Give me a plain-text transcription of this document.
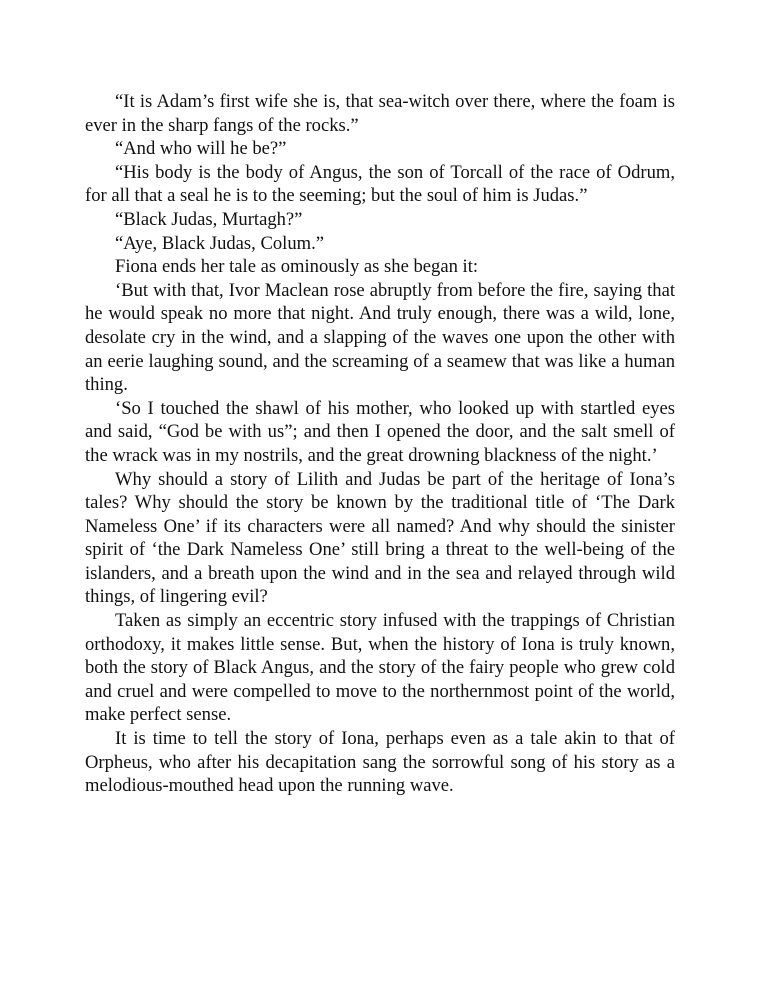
“It is Adam’s first wife she is, that sea-witch over there, where the foam is ever in the sharp fangs of the rocks.”

“And who will he be?”

“His body is the body of Angus, the son of Torcall of the race of Odrum, for all that a seal he is to the seeming; but the soul of him is Judas.”

“Black Judas, Murtagh?”

“Aye, Black Judas, Colum.”

Fiona ends her tale as ominously as she began it:

‘But with that, Ivor Maclean rose abruptly from before the fire, saying that he would speak no more that night. And truly enough, there was a wild, lone, desolate cry in the wind, and a slapping of the waves one upon the other with an eerie laughing sound, and the screaming of a seamew that was like a human thing.

‘So I touched the shawl of his mother, who looked up with startled eyes and said, “God be with us”; and then I opened the door, and the salt smell of the wrack was in my nostrils, and the great drowning blackness of the night.’

Why should a story of Lilith and Judas be part of the heritage of Iona’s tales? Why should the story be known by the traditional title of ‘The Dark Nameless One’ if its characters were all named? And why should the sinister spirit of ‘the Dark Nameless One’ still bring a threat to the well-being of the islanders, and a breath upon the wind and in the sea and relayed through wild things, of lingering evil?

Taken as simply an eccentric story infused with the trappings of Christian orthodoxy, it makes little sense. But, when the history of Iona is truly known, both the story of Black Angus, and the story of the fairy people who grew cold and cruel and were compelled to move to the northernmost point of the world, make perfect sense.

It is time to tell the story of Iona, perhaps even as a tale akin to that of Orpheus, who after his decapitation sang the sorrowful song of his story as a melodious-mouthed head upon the running wave.
